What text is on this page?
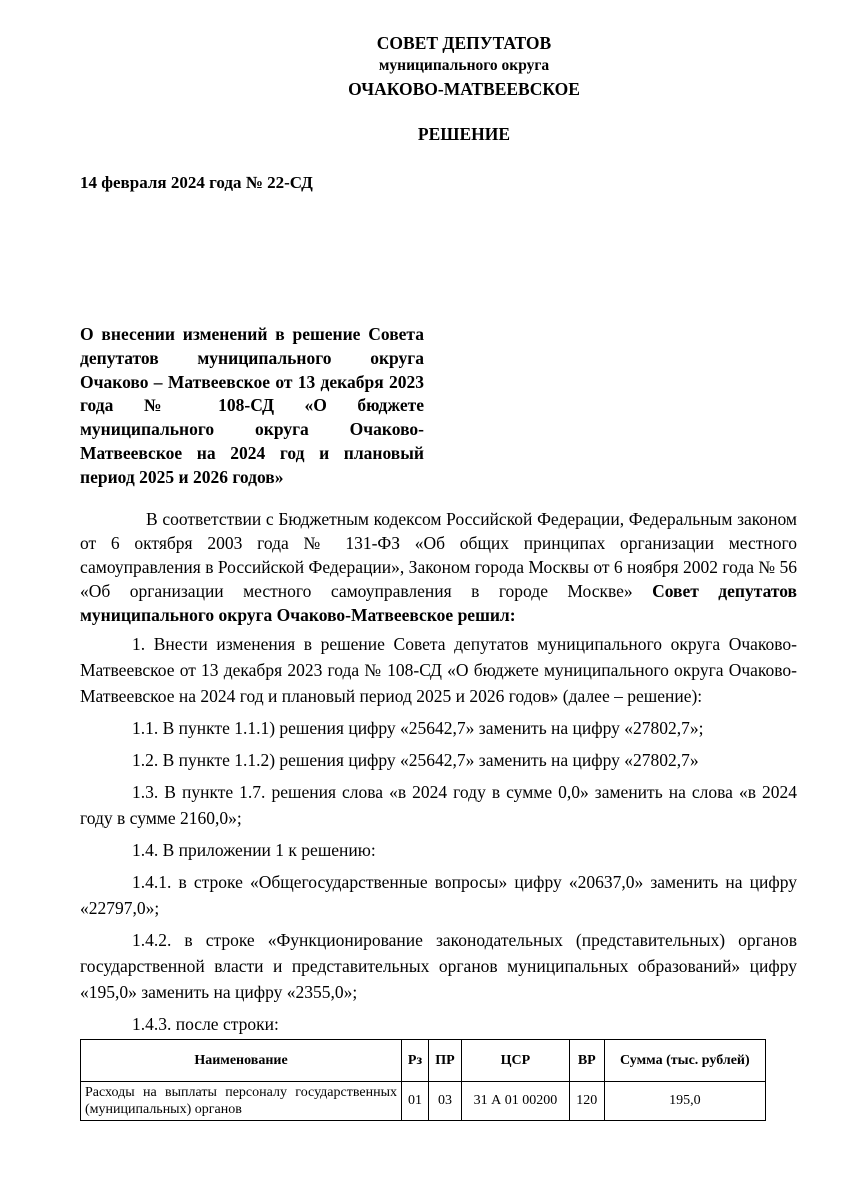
СОВЕТ ДЕПУТАТОВ
муниципального округа
ОЧАКОВО-МАТВЕЕВСКОЕ
РЕШЕНИЕ
14 февраля 2024 года № 22-СД
О внесении изменений в решение Совета депутатов муниципального округа Очаково – Матвеевское от 13 декабря 2023 года № 108-СД «О бюджете муниципального округа Очаково-Матвеевское на 2024 год и плановый период 2025 и 2026 годов»

В соответствии с Бюджетным кодексом Российской Федерации, Федеральным законом от 6 октября 2003 года № 131-ФЗ «Об общих принципах организации местного самоуправления в Российской Федерации», Законом города Москвы от 6 ноября 2002 года № 56 «Об организации местного самоуправления в городе Москве» Совет депутатов муниципального округа Очаково-Матвеевское решил:

1. Внести изменения в решение Совета депутатов муниципального округа Очаково-Матвеевское от 13 декабря 2023 года № 108-СД «О бюджете муниципального округа Очаково-Матвеевское на 2024 год и плановый период 2025 и 2026 годов» (далее – решение):

1.1. В пункте 1.1.1) решения цифру «25642,7» заменить на цифру «27802,7»;

1.2. В пункте 1.1.2) решения цифру «25642,7» заменить на цифру «27802,7»

1.3. В пункте 1.7. решения слова «в 2024 году в сумме 0,0» заменить на слова «в 2024 году в сумме 2160,0»;

1.4. В приложении 1 к решению:

1.4.1. в строке «Общегосударственные вопросы» цифру «20637,0» заменить на цифру «22797,0»;

1.4.2. в строке «Функционирование законодательных (представительных) органов государственной власти и представительных органов муниципальных образований» цифру «195,0» заменить на цифру «2355,0»;

1.4.3. после строки:

Наименование	Рз	ПР	ЦСР	ВР	Сумма (тыс. рублей)
Расходы на выплаты персоналу государственных (муниципальных) органов	01	03	31 А 01 00200	120	195,0
